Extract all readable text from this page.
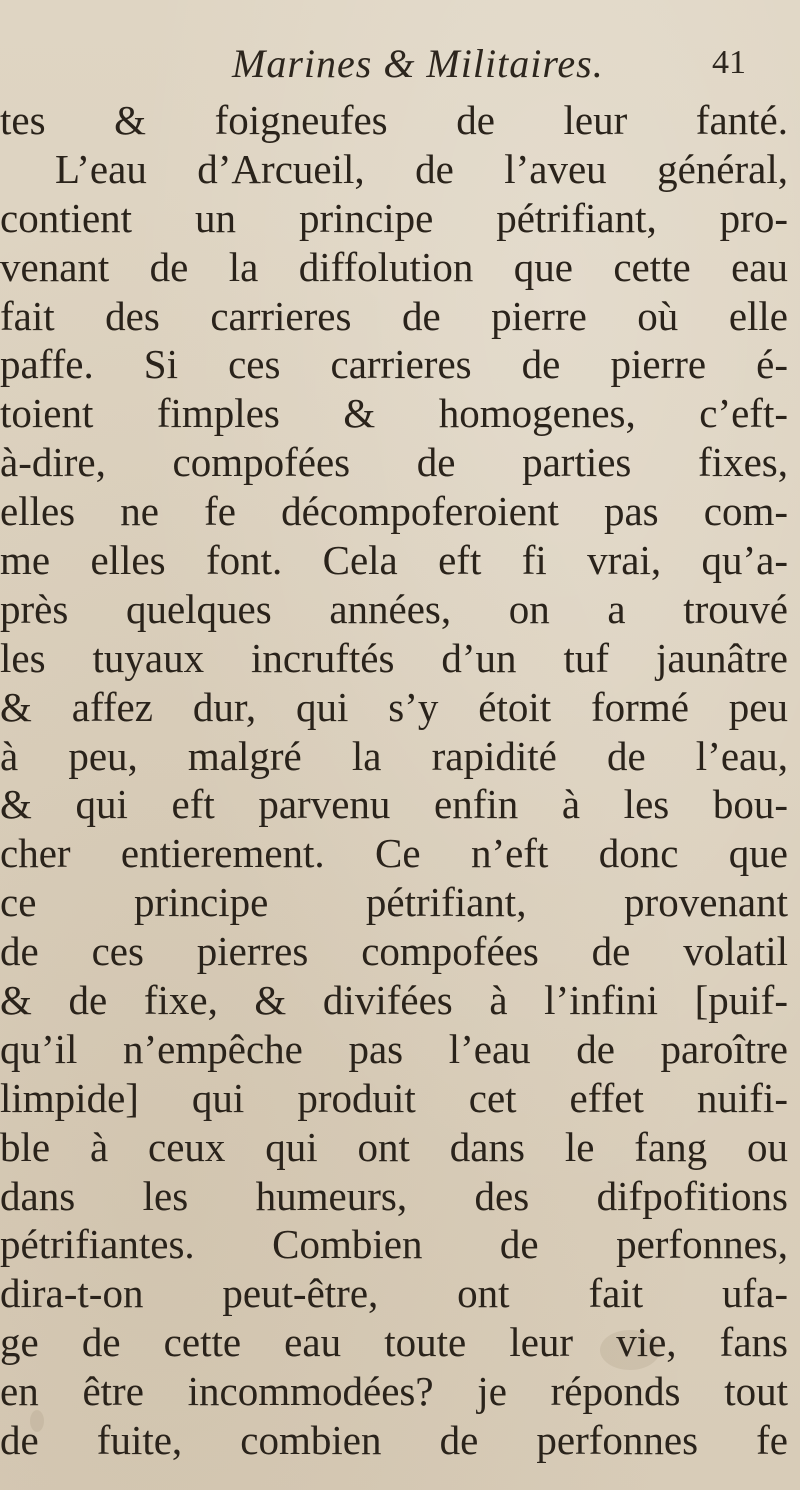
Marines & Militaires.	41
tes & foigneufes de leur fanté.
L’eau d’Arcueil, de l’aveu général,
contient un principe pétrifiant, pro-
venant de la diffolution que cette eau
fait des carrieres de pierre où elle
paffe. Si ces carrieres de pierre é-
toient fimples & homogenes, c’eft-
à-dire, compofées de parties fixes,
elles ne fe décompoferoient pas com-
me elles font. Cela eft fi vrai, qu’a-
près quelques années, on a trouvé
les tuyaux incruftés d’un tuf jaunâtre
& affez dur, qui s’y étoit formé peu
à peu, malgré la rapidité de l’eau,
& qui eft parvenu enfin à les bou-
cher entierement. Ce n’eft donc que
ce principe pétrifiant, provenant
de ces pierres compofées de volatil
& de fixe, & divifées à l’infini [puif-
qu’il n’empêche pas l’eau de paroître
limpide] qui produit cet effet nuifi-
ble à ceux qui ont dans le fang ou
dans les humeurs, des difpofitions
pétrifiantes. Combien de perfonnes,
dira-t-on peut-être, ont fait ufa-
ge de cette eau toute leur vie, fans
en être incommodées? je réponds tout
de fuite, combien de perfonnes fe
